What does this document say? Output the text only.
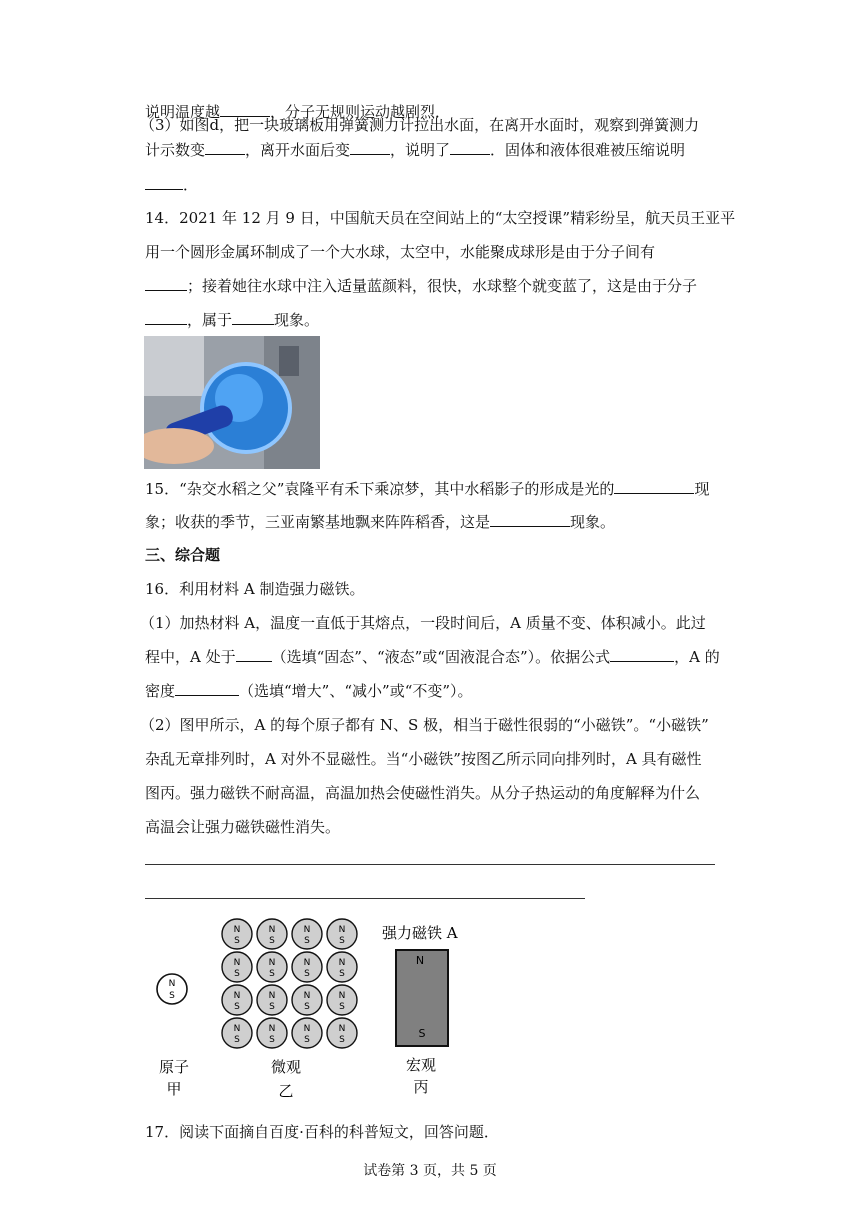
说明温度越	，分子无规则运动越剧烈．
（3）如图d，把一块玻璃板用弹簧测力计拉出水面，在离开水面时，观察到弹簧测力
计示数变	，离开水面后变	，说明了	．固体和液体很难被压缩说明
．
14．2021 年 12 月 9 日，中国航天员在空间站上的“太空授课”精彩纷呈，航天员王亚平
用一个圆形金属环制成了一个大水球，太空中，水能聚成球形是由于分子间有
；接着她往水球中注入适量蓝颜料，很快，水球整个就变蓝了，这是由于分子
，属于	现象。
15．“杂交水稻之父”袁隆平有禾下乘凉梦，其中水稻影子的形成是光的	现
象；收获的季节，三亚南繁基地飘来阵阵稻香，这是	现象。
三、综合题
16．利用材料 A 制造强力磁铁。
（1）加热材料 A，温度一直低于其熔点，一段时间后，A 质量不变、体积减小。此过
程中，A 处于 （选填“固态”、“液态”或“固液混合态”）。依据公式	，A 的
密度	（选填“增大”、“减小”或“不变”）。
（2）图甲所示，A 的每个原子都有 N、S 极，相当于磁性很弱的“小磁铁”。“小磁铁”
杂乱无章排列时，A 对外不显磁性。当“小磁铁”按图乙所示同向排列时，A 具有磁性
图丙。强力磁铁不耐高温，高温加热会使磁性消失。从分子热运动的角度解释为什么
高温会让强力磁铁磁性消失。
N
S
N
S
N
S
N
S
N
S
N
S
N
S
N
S
N
S
N
S
N
S
N
S
N
S
N
S
N
S
N
S
N
S
强力磁铁 A
N
S
原子
甲
微观
乙
宏观
丙
17．阅读下面摘自百度·百科的科普短文，回答问题．
试卷第 3 页，共 5 页
